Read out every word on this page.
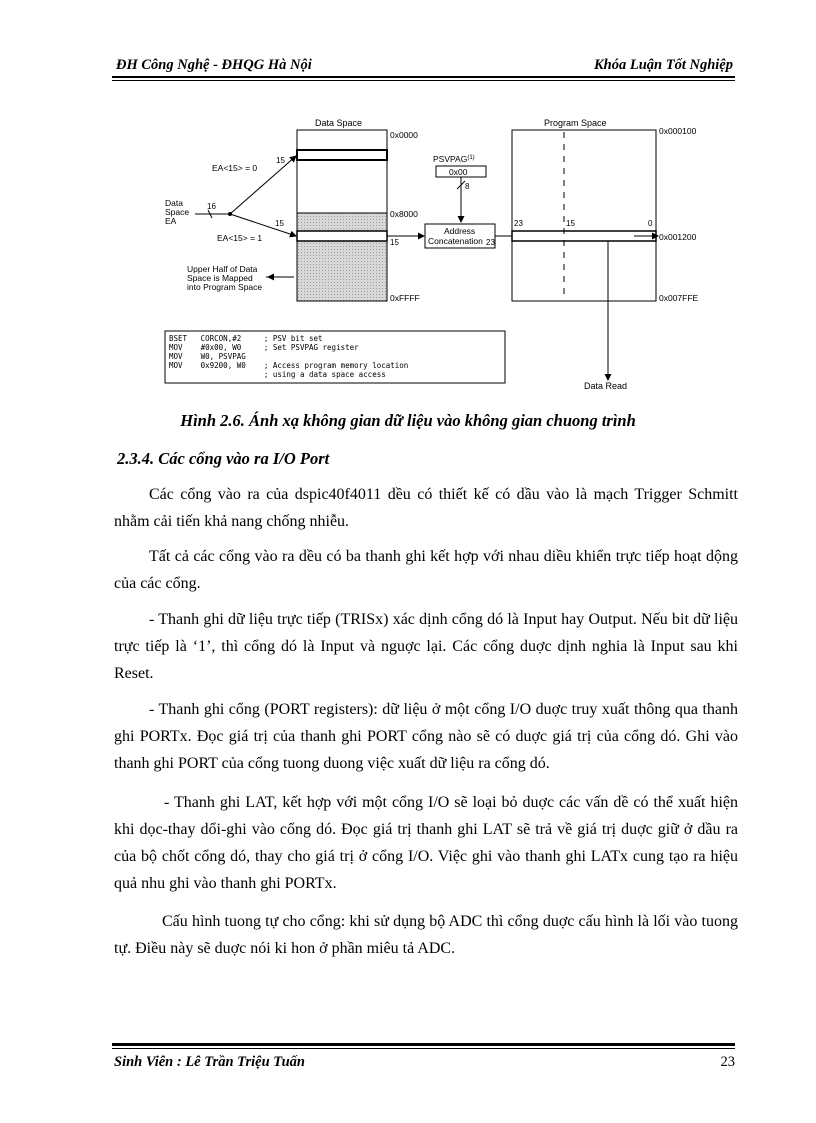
ĐH Công Nghệ - ĐHQG Hà Nội	Khóa Luận Tốt Nghiệp
Data Space
0x0000
0x8000
0xFFFF
Data
Space
EA
16
EA<15> = 0
EA<15> = 1
15
15
Upper Half of Data
Space is Mapped
into Program Space
PSVPAG$^{(1)}$
0x00
8
Address
Concatenation
15	23
Program Space
0x000100
0x001200
0x007FFE
23	15	0
Data Read
BSET   CORCON,#2     ; PSV bit set
MOV    #0x00, W0     ; Set PSVPAG register
MOV    W0, PSVPAG
MOV    0x9200, W0    ; Access program memory location
; using a data space access
Hình 2.6. Ánh xạ không gian dữ liệu vào không gian chuong trình
2.3.4. Các cổng vào ra I/O Port

Các cổng vào ra của dspic40f4011 dều có thiết kế có dầu vào là mạch Trigger Schmitt nhằm cải tiến khả nang chống nhiễu.

Tất cả các cổng vào ra dều có ba thanh ghi kết hợp với nhau diều khiển trực tiếp hoạt dộng của các cổng.

- Thanh ghi dữ liệu trực tiếp (TRISx) xác dịnh cổng dó là Input hay Output. Nếu bit dữ liệu trực tiếp là ‘1’, thì cổng dó là Input và nguợc lại. Các cổng duợc dịnh nghia là Input sau khi Reset.

- Thanh ghi cổng (PORT registers): dữ liệu ở một cổng I/O duợc truy xuất thông qua thanh ghi PORTx. Đọc giá trị của thanh ghi PORT cổng nào sẽ có duợc giá trị của cổng dó. Ghi vào thanh ghi PORT của cổng tuong duong việc xuất dữ liệu ra cổng dó.

- Thanh ghi LAT, kết hợp với một cổng I/O sẽ loại bỏ duợc các vấn dề có thể xuất hiện khi dọc-thay dổi-ghi vào cổng dó. Đọc giá trị thanh ghi LAT sẽ trả về giá trị duợc giữ ở dầu ra của bộ chốt cổng dó, thay cho giá trị ở cổng I/O. Việc ghi vào thanh ghi LATx cung tạo ra hiệu quả nhu ghi vào thanh ghi PORTx.

Cấu hình tuong tự cho cổng: khi sử dụng bộ ADC thì cổng duợc cấu hình là lối vào tuong tự. Điều này sẽ duợc nói ki hon ở phần miêu tả ADC.

Sinh Viên : Lê Trần Triệu Tuấn	23
